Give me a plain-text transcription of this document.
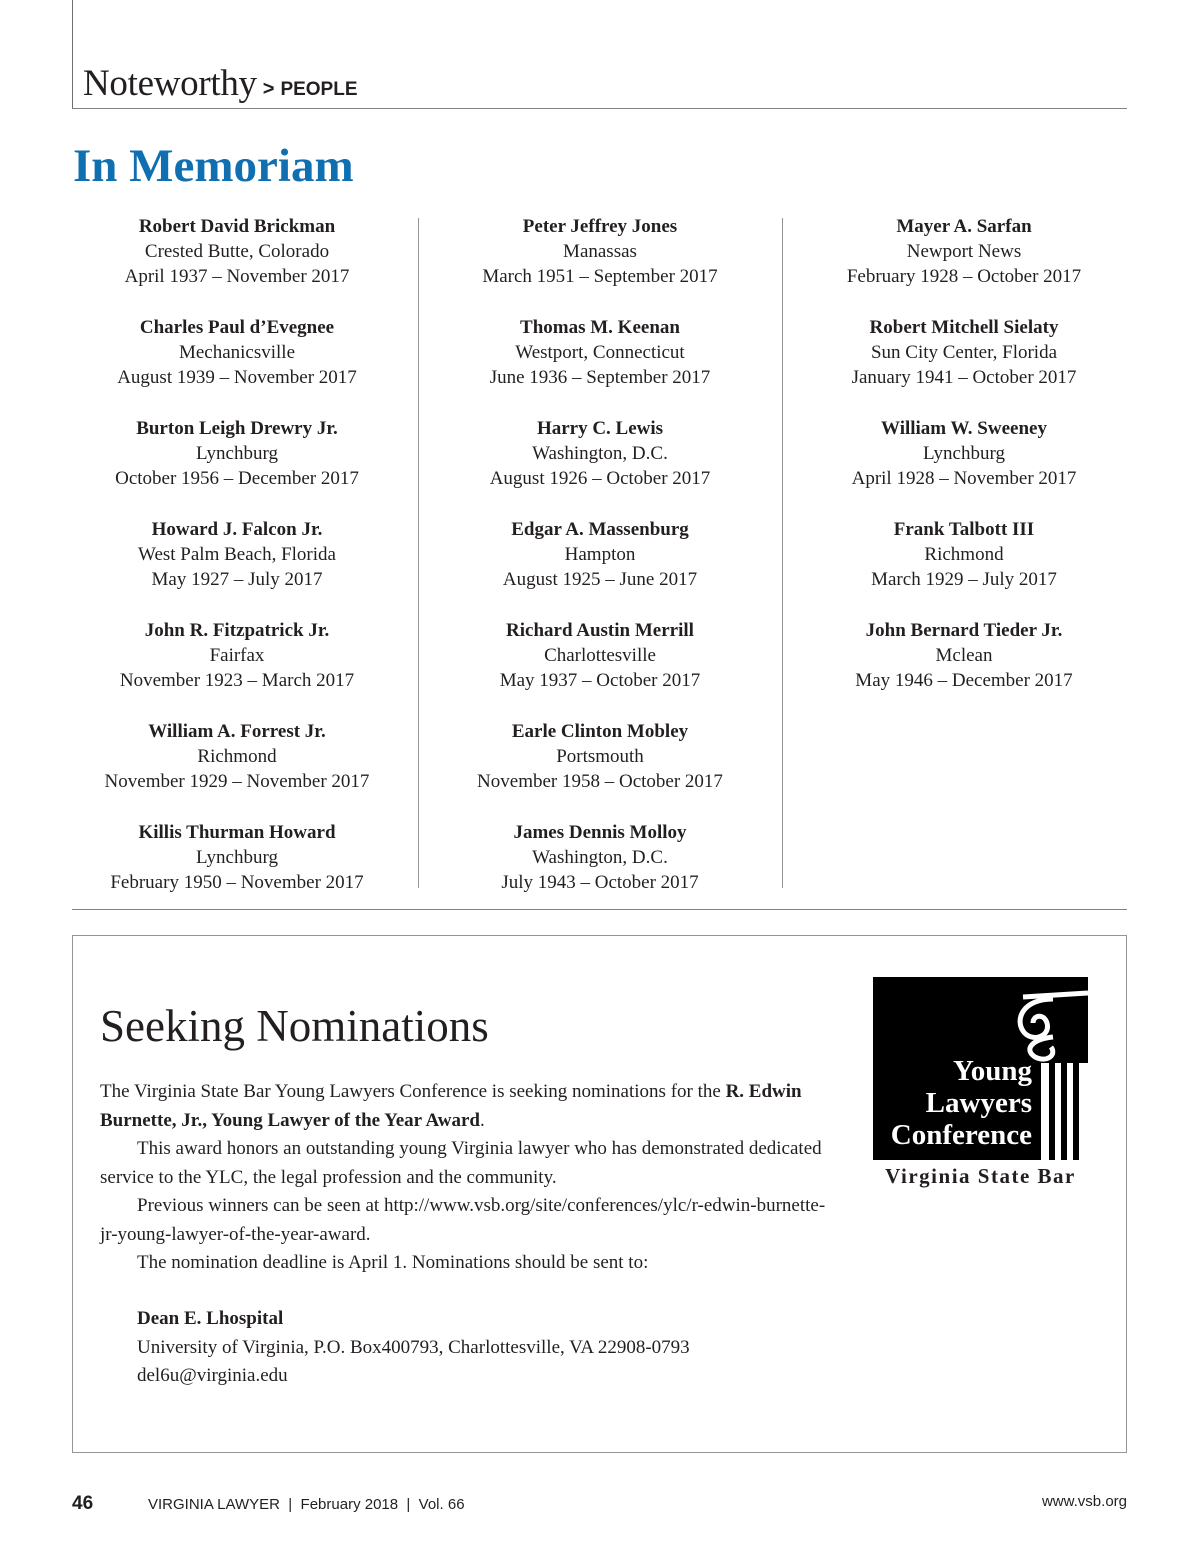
Noteworthy > PEOPLE
In Memoriam
Robert David Brickman
Crested Butte, Colorado
April 1937 – November 2017
Charles Paul d’Evegnee
Mechanicsville
August 1939 – November 2017
Burton Leigh Drewry Jr.
Lynchburg
October 1956 – December 2017
Howard J. Falcon Jr.
West Palm Beach, Florida
May 1927 – July 2017
John R. Fitzpatrick Jr.
Fairfax
November 1923 – March 2017
William A. Forrest Jr.
Richmond
November 1929 – November 2017
Killis Thurman Howard
Lynchburg
February 1950 – November 2017
Peter Jeffrey Jones
Manassas
March 1951 – September 2017
Thomas M. Keenan
Westport, Connecticut
June 1936 – September 2017
Harry C. Lewis
Washington, D.C.
August 1926 – October 2017
Edgar A. Massenburg
Hampton
August 1925 – June 2017
Richard Austin Merrill
Charlottesville
May 1937 – October 2017
Earle Clinton Mobley
Portsmouth
November 1958 – October 2017
James Dennis Molloy
Washington, D.C.
July 1943 – October 2017
Mayer A. Sarfan
Newport News
February 1928 – October 2017
Robert Mitchell Sielaty
Sun City Center, Florida
January 1941 – October 2017
William W. Sweeney
Lynchburg
April 1928 – November 2017
Frank Talbott III
Richmond
March 1929 – July 2017
John Bernard Tieder Jr.
Mclean
May 1946 – December 2017
Seeking Nominations

The Virginia State Bar Young Lawyers Conference is seeking nominations for the R. Edwin Burnette, Jr., Young Lawyer of the Year Award.

This award honors an outstanding young Virginia lawyer who has demonstrated dedicated service to the YLC, the legal profession and the community.

Previous winners can be seen at http://www.vsb.org/site/conferences/ylc/r-edwin-burnette-jr-young-lawyer-of-the-year-award.

The nomination deadline is April 1. Nominations should be sent to:

Dean E. Lhospital
University of Virginia, P.O. Box400793, Charlottesville, VA 22908-0793
del6u@virginia.edu
Young
Lawyers
Conference
Virginia State Bar
46	VIRGINIA LAWYER  |  February 2018  |  Vol. 66	www.vsb.org
